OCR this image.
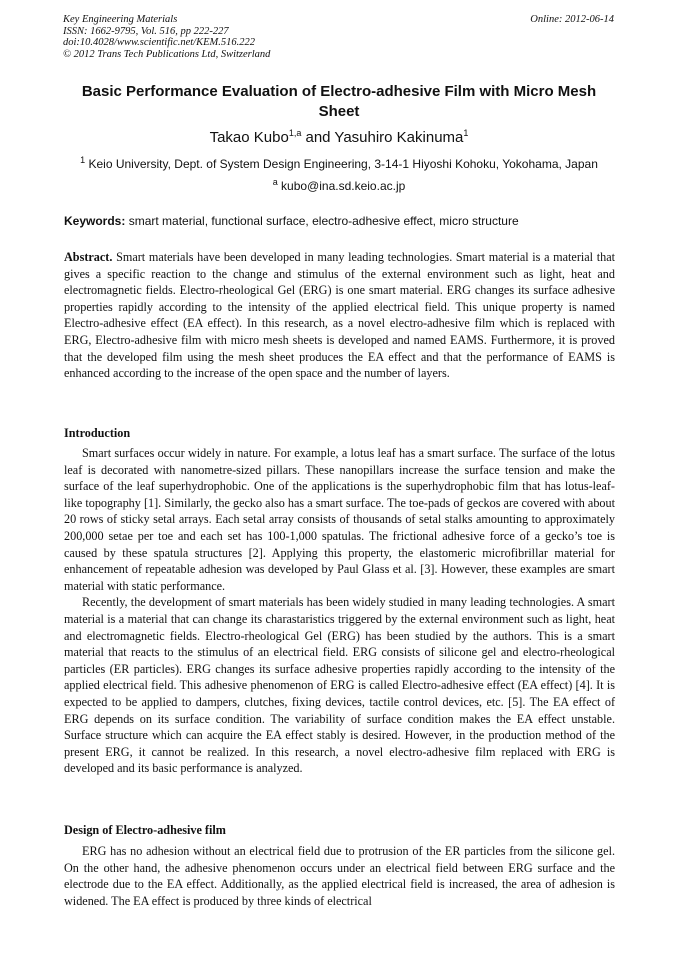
Key Engineering Materials
ISSN: 1662-9795, Vol. 516, pp 222-227
doi:10.4028/www.scientific.net/KEM.516.222
© 2012 Trans Tech Publications Ltd, Switzerland
Online: 2012-06-14
Basic Performance Evaluation of Electro-adhesive Film with Micro Mesh Sheet
Takao Kubo$^{1,a}$ and Yasuhiro Kakinuma$^1$
$^1$ Keio University, Dept. of System Design Engineering, 3-14-1 Hiyoshi Kohoku, Yokohama, Japan
$^a$ kubo@ina.sd.keio.ac.jp
Keywords: smart material, functional surface, electro-adhesive effect, micro structure

Abstract. Smart materials have been developed in many leading technologies. Smart material is a material that gives a specific reaction to the change and stimulus of the external environment such as light, heat and electromagnetic fields. Electro-rheological Gel (ERG) is one smart material. ERG changes its surface adhesive properties rapidly according to the intensity of the applied electrical field. This unique property is named Electro-adhesive effect (EA effect). In this research, as a novel electro-adhesive film which is replaced with ERG, Electro-adhesive film with micro mesh sheets is developed and named EAMS. Furthermore, it is proved that the developed film using the mesh sheet produces the EA effect and that the performance of EAMS is enhanced according to the increase of the open space and the number of layers.

Introduction

Smart surfaces occur widely in nature. For example, a lotus leaf has a smart surface. The surface of the lotus leaf is decorated with nanometre-sized pillars. These nanopillars increase the surface tension and make the surface of the leaf superhydrophobic. One of the applications is the superhydrophobic film that has lotus-leaf-like topography [1]. Similarly, the gecko also has a smart surface. The toe-pads of geckos are covered with about 20 rows of sticky setal arrays. Each setal array consists of thousands of setal stalks amounting to approximately 200,000 setae per toe and each set has 100-1,000 spatulas. The frictional adhesive force of a gecko’s toe is caused by these spatula structures [2]. Applying this property, the elastomeric microfibrillar material for enhancement of repeatable adhesion was developed by Paul Glass et al. [3]. However, these examples are smart material with static performance.

Recently, the development of smart materials has been widely studied in many leading technologies. A smart material is a material that can change its charastaristics triggered by the external environment such as light, heat and electromagnetic fields. Electro-rheological Gel (ERG) has been studied by the authors. This is a smart material that reacts to the stimulus of an electrical field. ERG consists of silicone gel and electro-rheological particles (ER particles). ERG changes its surface adhesive properties rapidly according to the intensity of the applied electrical field. This adhesive phenomenon of ERG is called Electro-adhesive effect (EA effect) [4]. It is expected to be applied to dampers, clutches, fixing devices, tactile control devices, etc. [5]. The EA effect of ERG depends on its surface condition. The variability of surface condition makes the EA effect unstable. Surface structure which can acquire the EA effect stably is desired. However, in the production method of the present ERG, it cannot be realized. In this research, a novel electro-adhesive film replaced with ERG is developed and its basic performance is analyzed.

Design of Electro-adhesive film

ERG has no adhesion without an electrical field due to protrusion of the ER particles from the silicone gel. On the other hand, the adhesive phenomenon occurs under an electrical field between ERG surface and the electrode due to the EA effect. Additionally, as the applied electrical field is increased, the area of adhesion is widened. The EA effect is produced by three kinds of electrical
